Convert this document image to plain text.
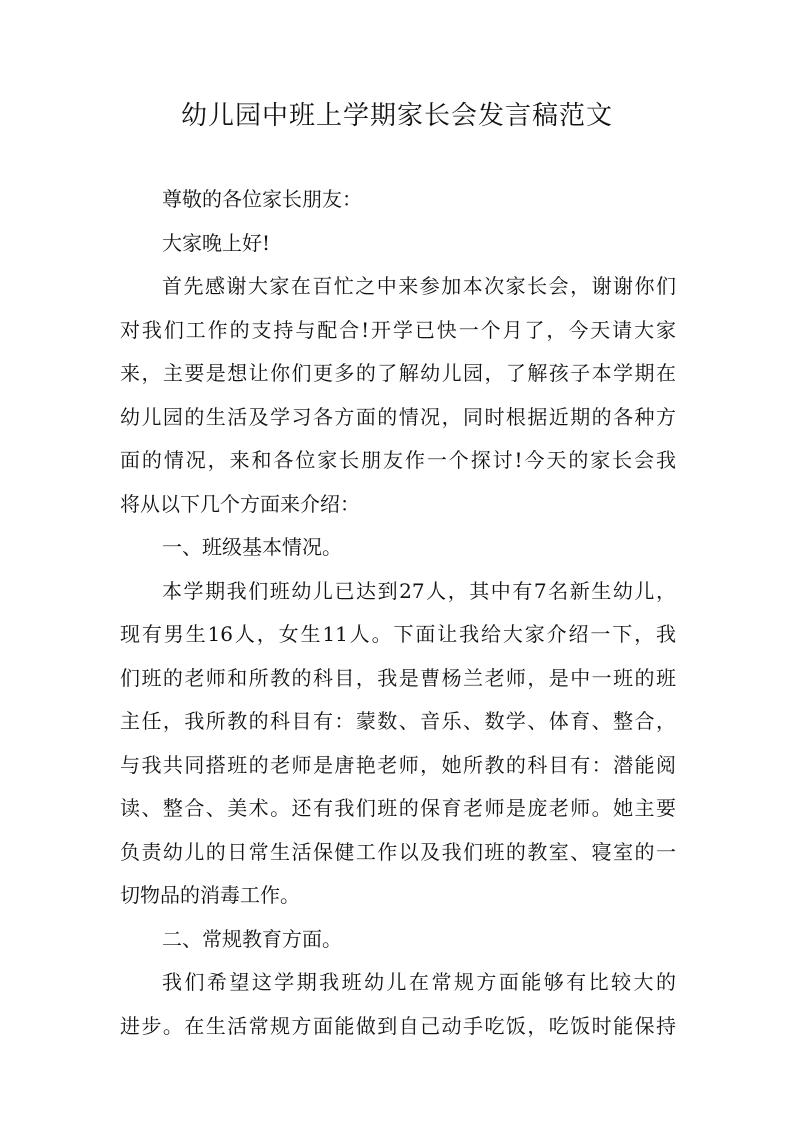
幼儿园中班上学期家长会发言稿范文
尊敬的各位家长朋友：
大家晚上好!
首先感谢大家在百忙之中来参加本次家长会，谢谢你们
对我们工作的支持与配合!开学已快一个月了，今天请大家
来，主要是想让你们更多的了解幼儿园，了解孩子本学期在
幼儿园的生活及学习各方面的情况，同时根据近期的各种方
面的情况，来和各位家长朋友作一个探讨!今天的家长会我
将从以下几个方面来介绍：
一、班级基本情况。
本学期我们班幼儿已达到27人，其中有7名新生幼儿，
现有男生16人，女生11人。下面让我给大家介绍一下，我
们班的老师和所教的科目，我是曹杨兰老师，是中一班的班
主任，我所教的科目有：蒙数、音乐、数学、体育、整合，
与我共同搭班的老师是唐艳老师，她所教的科目有：潜能阅
读、整合、美术。还有我们班的保育老师是庞老师。她主要
负责幼儿的日常生活保健工作以及我们班的教室、寝室的一
切物品的消毒工作。
二、常规教育方面。
我们希望这学期我班幼儿在常规方面能够有比较大的
进步。在生活常规方面能做到自己动手吃饭，吃饭时能保持
